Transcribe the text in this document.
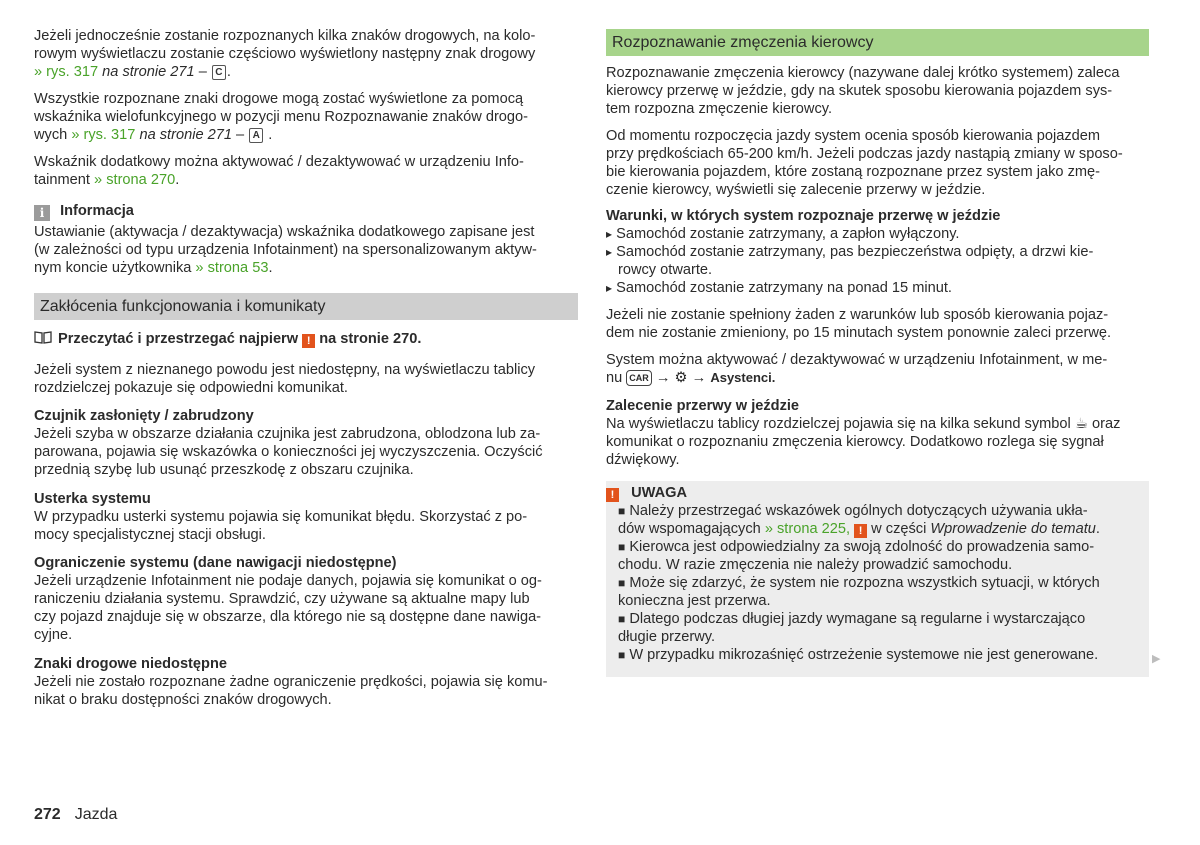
Jeżeli jednocześnie zostanie rozpoznanych kilka znaków drogowych, na kolo-

rowym wyświetlaczu zostanie częściowo wyświetlony następny znak drogowy

» rys. 317 na stronie 271 – C .

Wszystkie rozpoznane znaki drogowe mogą zostać wyświetlone za pomocą

wskaźnika wielofunkcyjnego w pozycji menu Rozpoznawanie znaków drogo-

wych » rys. 317 na stronie 271 – A .

Wskaźnik dodatkowy można aktywować / dezaktywować w urządzeniu Info-

tainment » strona 270.

i Informacja

Ustawianie (aktywacja / dezaktywacja) wskaźnika dodatkowego zapisane jest

(w zależności od typu urządzenia Infotainment) na spersonalizowanym aktyw-

nym koncie użytkownika » strona 53.

Zakłócenia funkcjonowania i komunikaty

Przeczytać i przestrzegać najpierw ! na stronie 270.

Jeżeli system z nieznanego powodu jest niedostępny, na wyświetlaczu tablicy

rozdzielczej pokazuje się odpowiedni komunikat.

Czujnik zasłonięty / zabrudzony

Jeżeli szyba w obszarze działania czujnika jest zabrudzona, oblodzona lub za-

parowana, pojawia się wskazówka o konieczności jej wyczyszczenia. Oczyścić

przednią szybę lub usunąć przeszkodę z obszaru czujnika.

Usterka systemu

W przypadku usterki systemu pojawia się komunikat błędu. Skorzystać z po-

mocy specjalistycznej stacji obsługi.

Ograniczenie systemu (dane nawigacji niedostępne)

Jeżeli urządzenie Infotainment nie podaje danych, pojawia się komunikat o og-

raniczeniu działania systemu. Sprawdzić, czy używane są aktualne mapy lub

czy pojazd znajduje się w obszarze, dla którego nie są dostępne dane nawiga-

cyjne.

Znaki drogowe niedostępne

Jeżeli nie zostało rozpoznane żadne ograniczenie prędkości, pojawia się komu-

nikat o braku dostępności znaków drogowych.

Rozpoznawanie zmęczenia kierowcy

Rozpoznawanie zmęczenia kierowcy (nazywane dalej krótko systemem) zaleca

kierowcy przerwę w jeździe, gdy na skutek sposobu kierowania pojazdem sys-

tem rozpozna zmęczenie kierowcy.

Od momentu rozpoczęcia jazdy system ocenia sposób kierowania pojazdem

przy prędkościach 65-200 km/h. Jeżeli podczas jazdy nastąpią zmiany w sposo-

bie kierowania pojazdem, które zostaną rozpoznane przez system jako zmę-

czenie kierowcy, wyświetli się zalecenie przerwy w jeździe.

Warunki, w których system rozpoznaje przerwę w jeździe

▸ Samochód zostanie zatrzymany, a zapłon wyłączony.

▸ Samochód zostanie zatrzymany, pas bezpieczeństwa odpięty, a drzwi kie-

rowcy otwarte.

▸ Samochód zostanie zatrzymany na ponad 15 minut.

Jeżeli nie zostanie spełniony żaden z warunków lub sposób kierowania pojaz-

dem nie zostanie zmieniony, po 15 minutach system ponownie zaleci przerwę.

System można aktywować / dezaktywować w urządzeniu Infotainment, w me-

nu CAR → ⚙ → Asystenci.

Zalecenie przerwy w jeździe

Na wyświetlaczu tablicy rozdzielczej pojawia się na kilka sekund symbol ☕ oraz

komunikat o rozpoznaniu zmęczenia kierowcy. Dodatkowo rozlega się sygnał

dźwiękowy.

! UWAGA

■ Należy przestrzegać wskazówek ogólnych dotyczących używania ukła-

dów wspomagających » strona 225, ! w części Wprowadzenie do tematu.

■ Kierowca jest odpowiedzialny za swoją zdolność do prowadzenia samo-

chodu. W razie zmęczenia nie należy prowadzić samochodu.

■ Może się zdarzyć, że system nie rozpozna wszystkich sytuacji, w których

konieczna jest przerwa.

■ Dlatego podczas długiej jazdy wymagane są regularne i wystarczająco

długie przerwy.

■ W przypadku mikrozaśnięć ostrzeżenie systemowe nie jest generowane.	▶
272 Jazda
